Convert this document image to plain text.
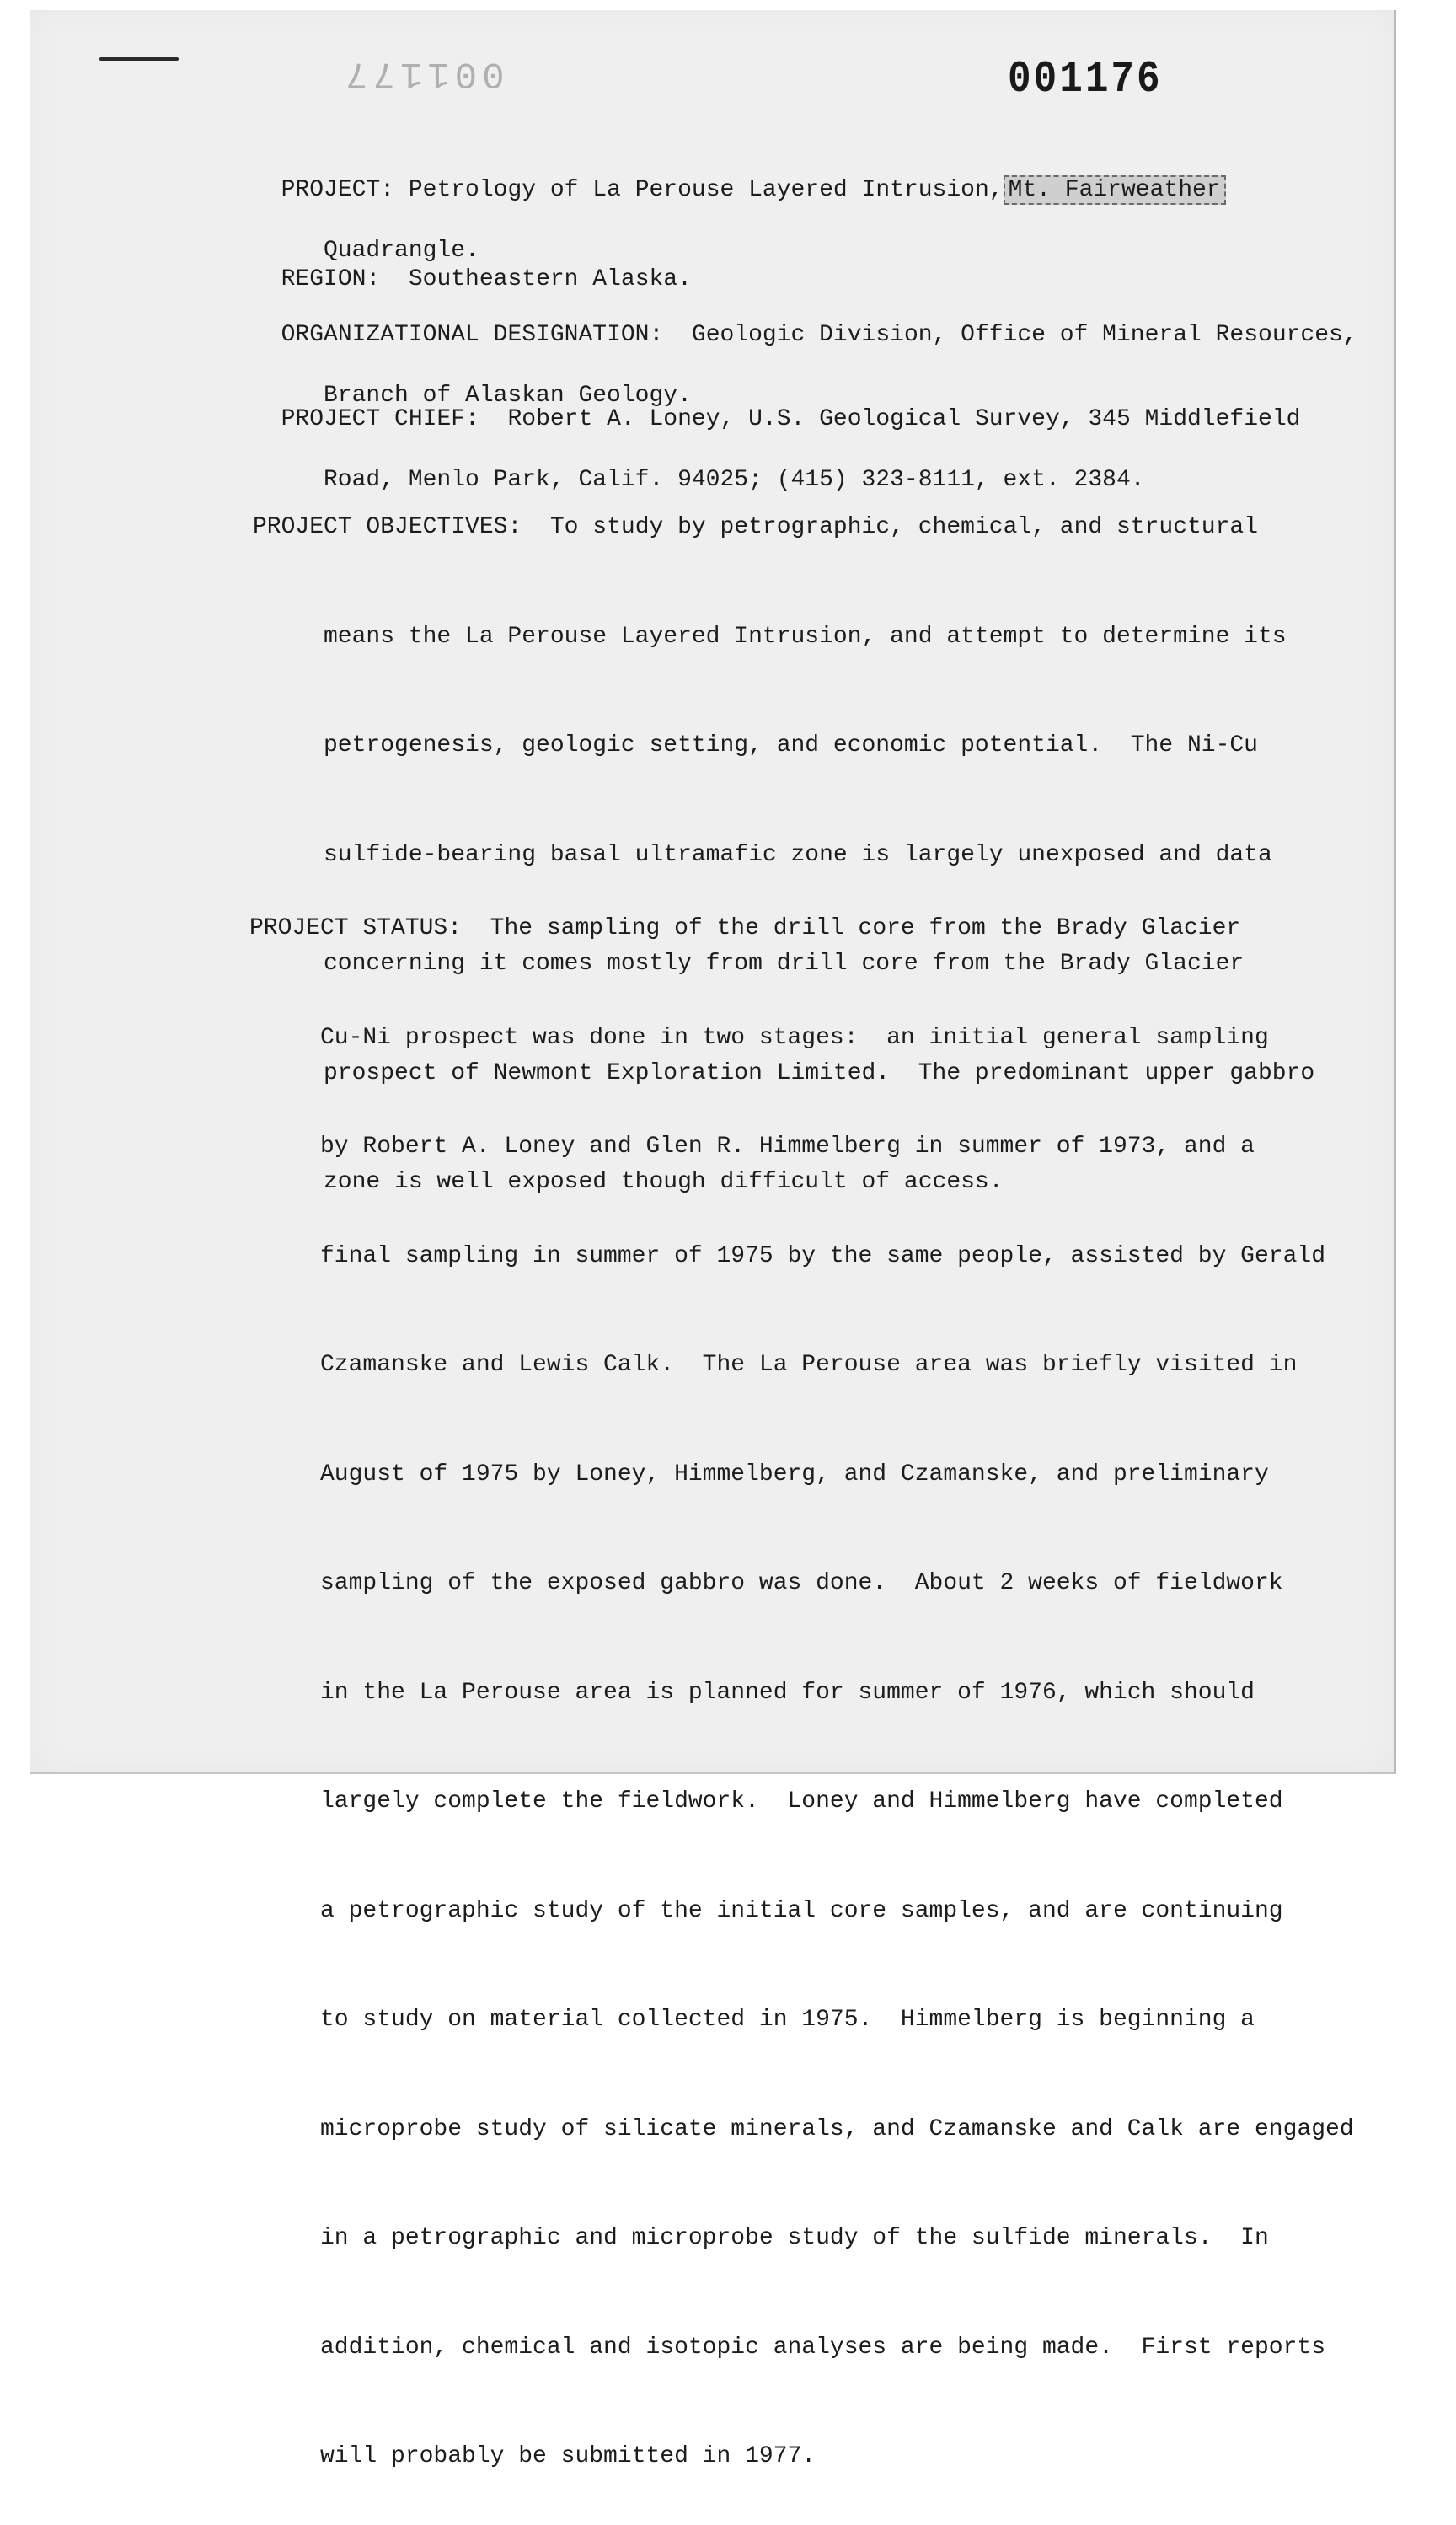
001177	001176

PROJECT: Petrology of La Perouse Layered Intrusion, Mt. Fairweather

Quadrangle.

REGION: Southeastern Alaska.

ORGANIZATIONAL DESIGNATION: Geologic Division, Office of Mineral Resources,

Branch of Alaskan Geology.

PROJECT CHIEF: Robert A. Loney, U.S. Geological Survey, 345 Middlefield

Road, Menlo Park, Calif. 94025; (415) 323-8111, ext. 2384.

PROJECT OBJECTIVES: To study by petrographic, chemical, and structural

means the La Perouse Layered Intrusion, and attempt to determine its

petrogenesis, geologic setting, and economic potential.  The Ni-Cu

sulfide-bearing basal ultramafic zone is largely unexposed and data

concerning it comes mostly from drill core from the Brady Glacier

prospect of Newmont Exploration Limited.  The predominant upper gabbro

zone is well exposed though difficult of access.

PROJECT STATUS: The sampling of the drill core from the Brady Glacier

Cu-Ni prospect was done in two stages:  an initial general sampling

by Robert A. Loney and Glen R. Himmelberg in summer of 1973, and a

final sampling in summer of 1975 by the same people, assisted by Gerald

Czamanske and Lewis Calk.  The La Perouse area was briefly visited in

August of 1975 by Loney, Himmelberg, and Czamanske, and preliminary

sampling of the exposed gabbro was done.  About 2 weeks of fieldwork

in the La Perouse area is planned for summer of 1976, which should

largely complete the fieldwork.  Loney and Himmelberg have completed

a petrographic study of the initial core samples, and are continuing

to study on material collected in 1975.  Himmelberg is beginning a

microprobe study of silicate minerals, and Czamanske and Calk are engaged

in a petrographic and microprobe study of the sulfide minerals.  In

addition, chemical and isotopic analyses are being made.  First reports

will probably be submitted in 1977.
